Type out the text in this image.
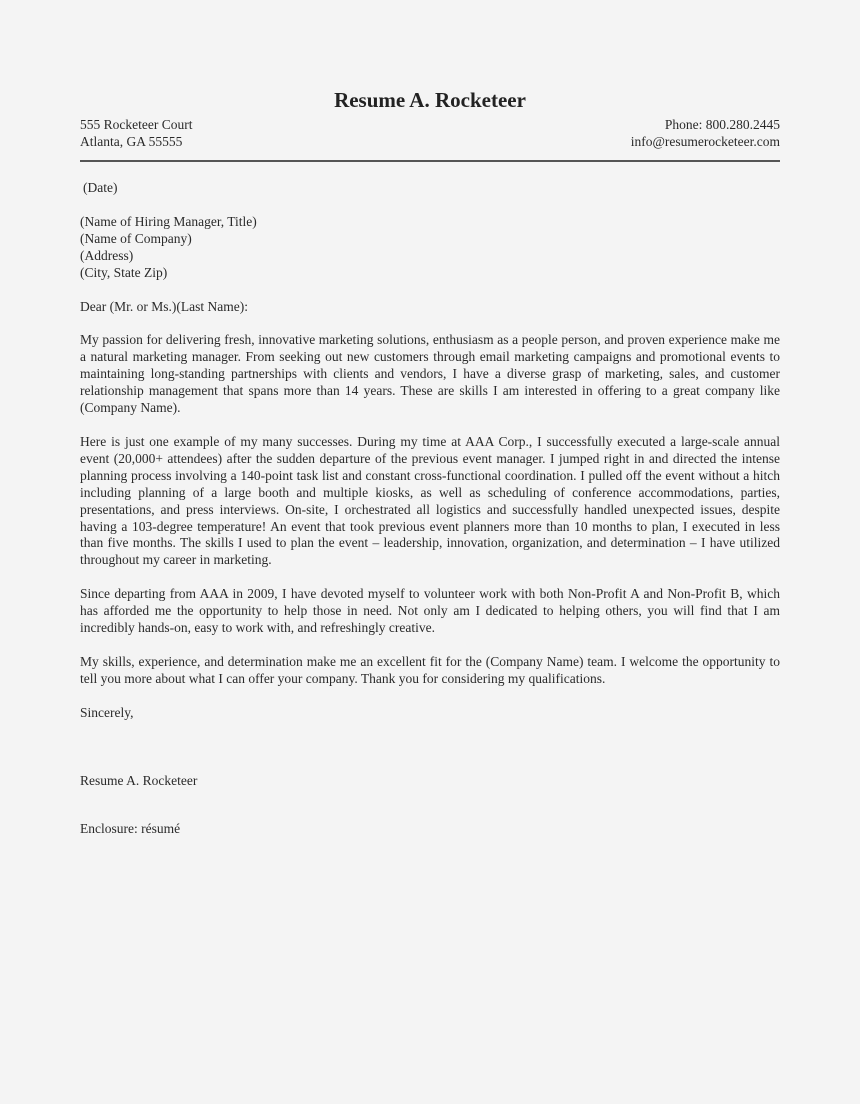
Resume A. Rocketeer
555 Rocketeer Court
Atlanta, GA 55555
Phone: 800.280.2445
info@resumerocketeer.com
(Date)
(Name of Hiring Manager, Title)
(Name of Company)
(Address)
(City, State Zip)
Dear (Mr. or Ms.)(Last Name):

My passion for delivering fresh, innovative marketing solutions, enthusiasm as a people person, and proven experience make me a natural marketing manager. From seeking out new customers through email marketing campaigns and promotional events to maintaining long-standing partnerships with clients and vendors, I have a diverse grasp of marketing, sales, and customer relationship management that spans more than 14 years. These are skills I am interested in offering to a great company like (Company Name).

Here is just one example of my many successes. During my time at AAA Corp., I successfully executed a large-scale annual event (20,000+ attendees) after the sudden departure of the previous event manager. I jumped right in and directed the intense planning process involving a 140-point task list and constant cross-functional coordination. I pulled off the event without a hitch including planning of a large booth and multiple kiosks, as well as scheduling of conference accommodations, parties, presentations, and press interviews. On-site, I orchestrated all logistics and successfully handled unexpected issues, despite having a 103-degree temperature! An event that took previous event planners more than 10 months to plan, I executed in less than five months. The skills I used to plan the event – leadership, innovation, organization, and determination – I have utilized throughout my career in marketing.

Since departing from AAA in 2009, I have devoted myself to volunteer work with both Non-Profit A and Non-Profit B, which has afforded me the opportunity to help those in need. Not only am I dedicated to helping others, you will find that I am incredibly hands-on, easy to work with, and refreshingly creative.

My skills, experience, and determination make me an excellent fit for the (Company Name) team. I welcome the opportunity to tell you more about what I can offer your company. Thank you for considering my qualifications.

Sincerely,
Resume A. Rocketeer
Enclosure: résumé
